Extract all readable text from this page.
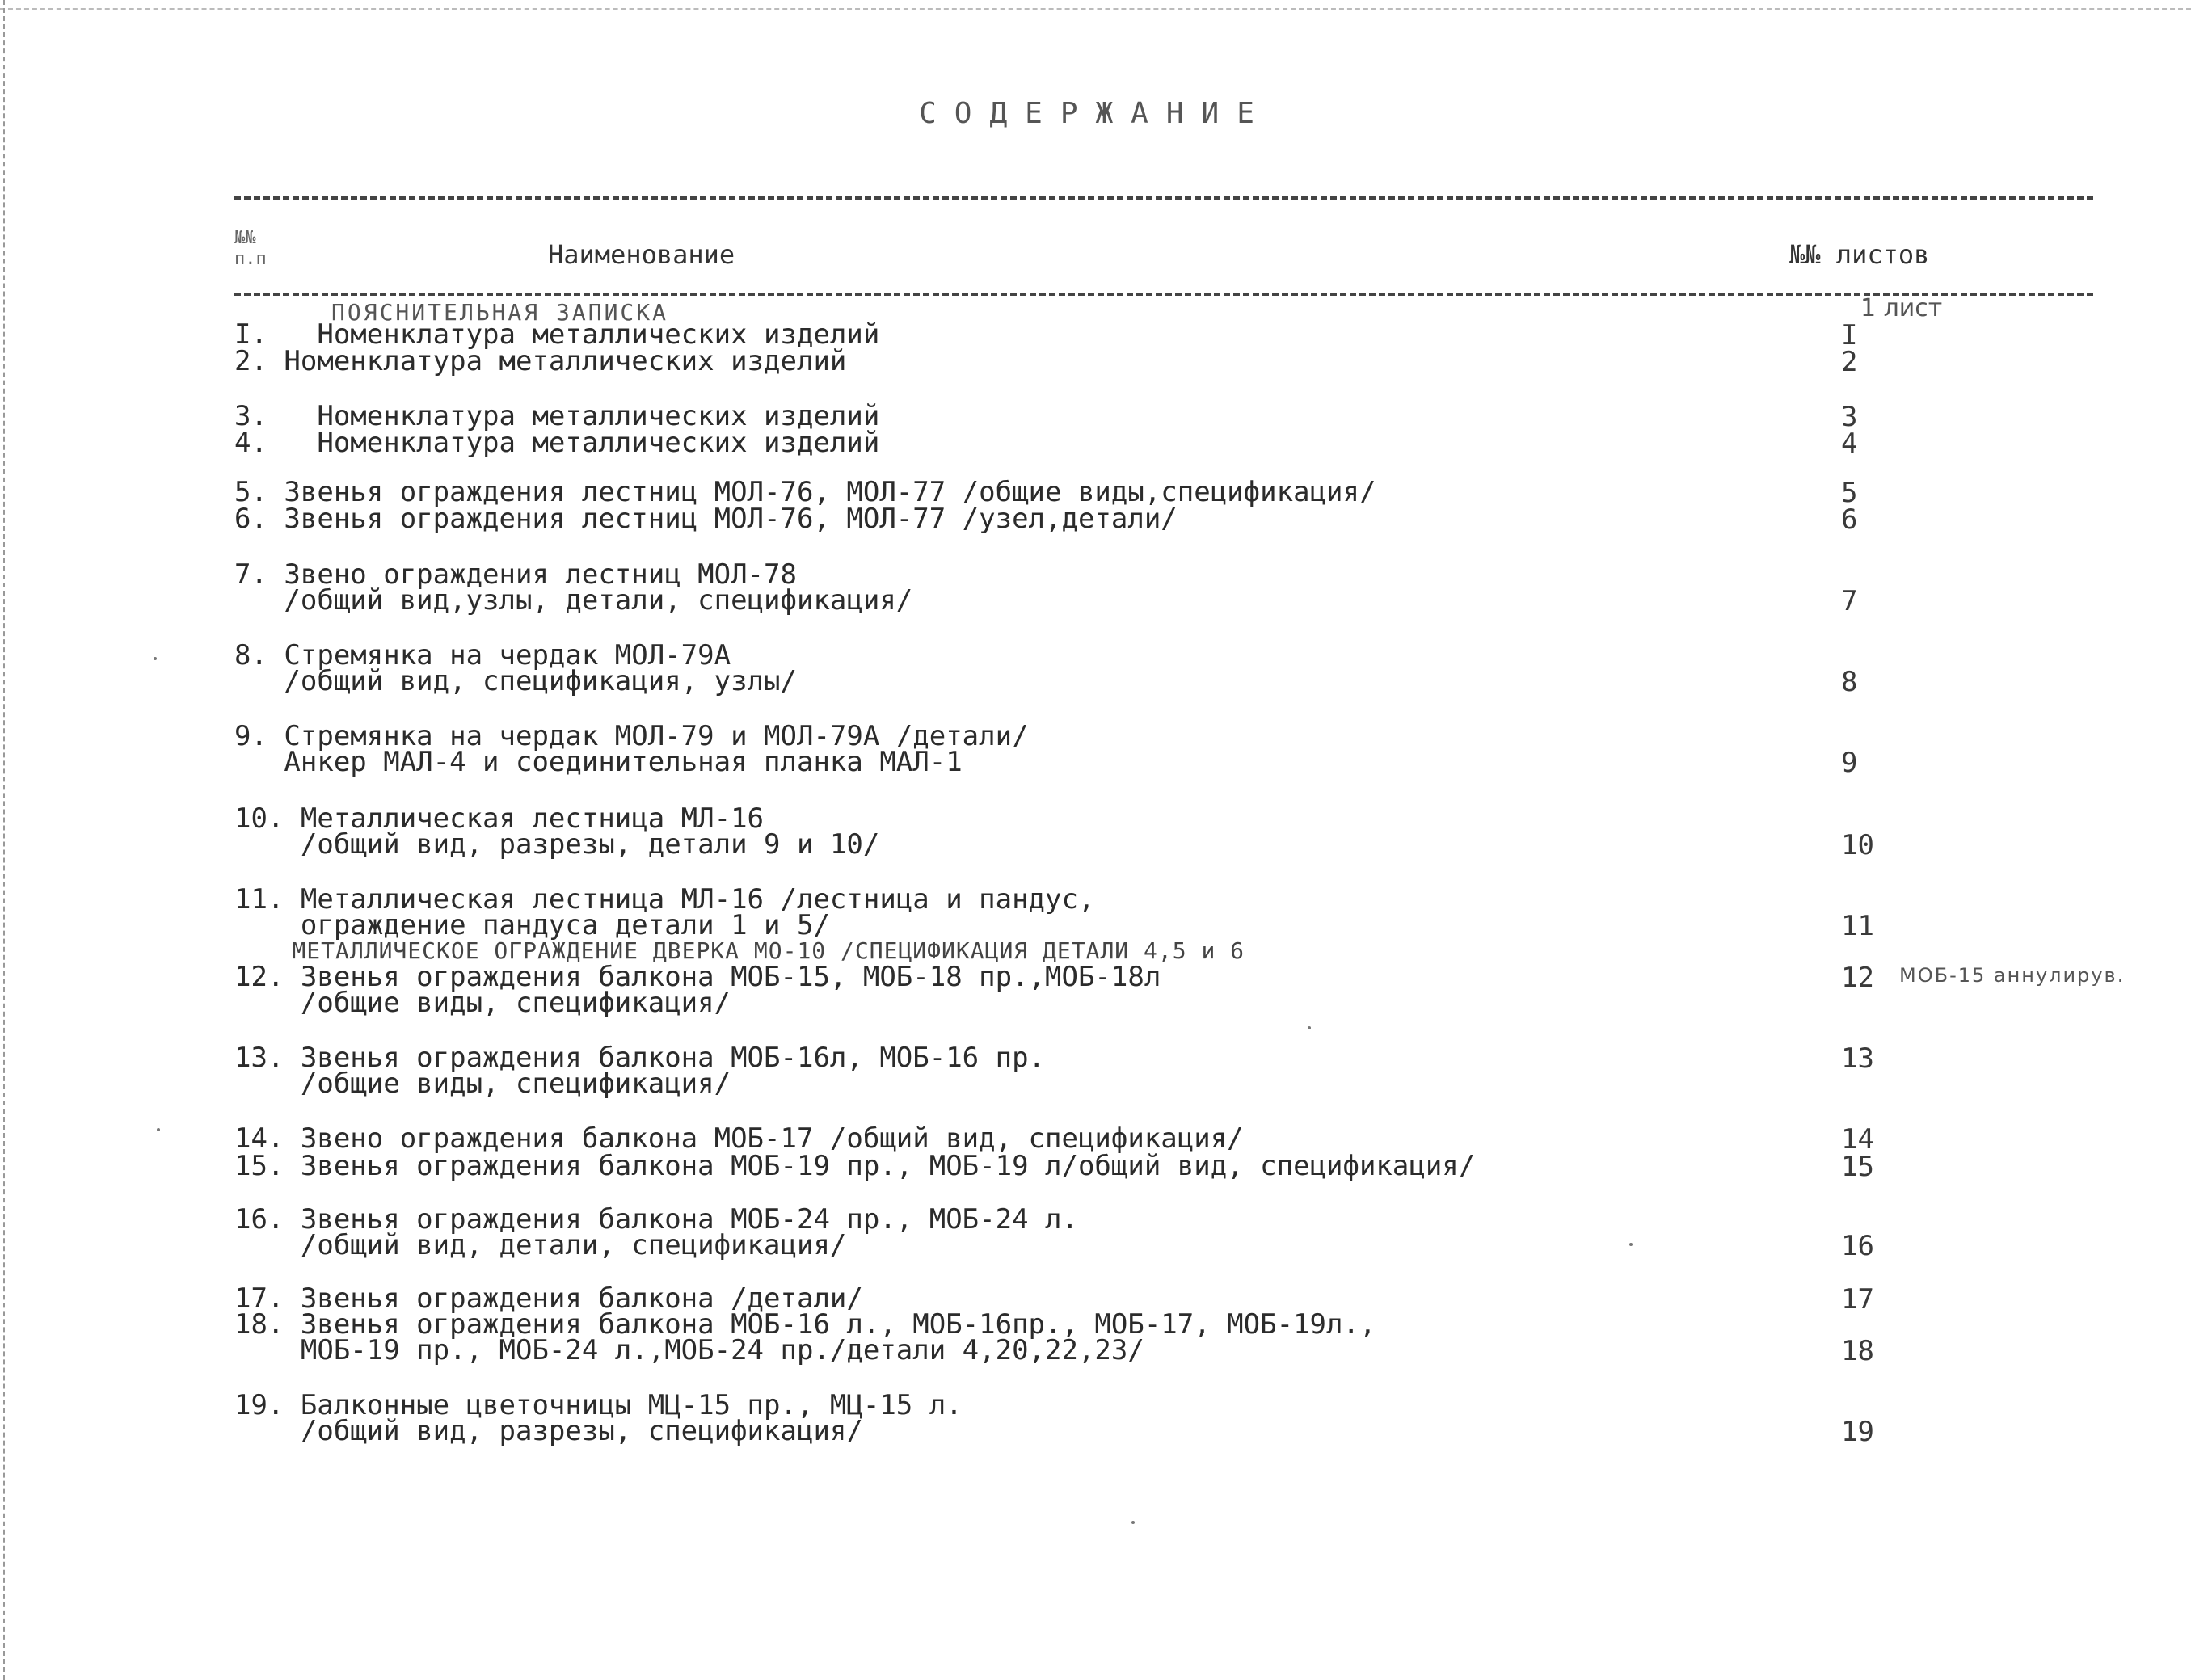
СОДЕРЖАНИЕ
№№ п.п	Наименование	№№ листов
ПОЯСНИТЕЛЬНАЯ ЗАПИСКА	1 лист
I.   Номенклатура металлических изделий	I
2. Номенклатура металлических изделий	2
3.   Номенклатура металлических изделий	3
4.   Номенклатура металлических изделий	4
5. Звенья ограждения лестниц МОЛ-76, МОЛ-77 /общие виды,спецификация/	5
6. Звенья ограждения лестниц МОЛ-76, МОЛ-77 /узел,детали/	6
7. Звено ограждения лестниц МОЛ-78
/общий вид,узлы, детали, спецификация/	7
8. Стремянка на чердак МОЛ-79А
/общий вид, спецификация, узлы/	8
9. Стремянка на чердак МОЛ-79 и МОЛ-79А /детали/
Анкер МАЛ-4 и соединительная планка МАЛ-1	9
10. Металлическая лестница МЛ-16
/общий вид, разрезы, детали 9 и 10/	10
11. Металлическая лестница МЛ-16 /лестница и пандус,
ограждение пандуса детали 1 и 5/	11
МЕТАЛЛИЧЕСКОЕ ОГРАЖДЕНИЕ ДВЕРКА МО-10 /СПЕЦИФИКАЦИЯ ДЕТАЛИ 4,5 и 6
12. Звенья ограждения балкона МОБ-15, МОБ-18 пр.,МОБ-18л	12
/общие виды, спецификация/
13. Звенья ограждения балкона МОБ-16л, МОБ-16 пр.	13
/общие виды, спецификация/
14. Звено ограждения балкона МОБ-17 /общий вид, спецификация/	14
15. Звенья ограждения балкона МОБ-19 пр., МОБ-19 л/общий вид, спецификация/	15
16. Звенья ограждения балкона МОБ-24 пр., МОБ-24 л.
/общий вид, детали, спецификация/	16
17. Звенья ограждения балкона /детали/	17
18. Звенья ограждения балкона МОБ-16 л., МОБ-16пр., МОБ-17, МОБ-19л.,
МОБ-19 пр., МОБ-24 л.,МОБ-24 пр./детали 4,20,22,23/	18
19. Балконные цветочницы МЦ-15 пр., МЦ-15 л.
/общий вид, разрезы, спецификация/	19
МОБ-15 аннулирув.
